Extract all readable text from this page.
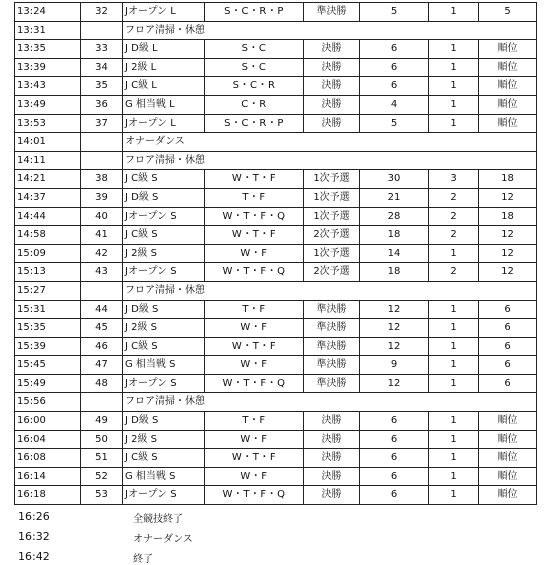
13:24	32	Jオープン L	S・C・R・P	準決勝	5	1	5
13:31		フロア清掃・休憩					
13:35	33	J D級 L	S・C	決勝	6	1	順位
13:39	34	J 2級 L	S・C	決勝	6	1	順位
13:43	35	J C級 L	S・C・R	決勝	6	1	順位
13:49	36	G 相当戦 L	C・R	決勝	4	1	順位
13:53	37	Jオープン L	S・C・R・P	決勝	5	1	順位
14:01		オナーダンス					
14:11		フロア清掃・休憩					
14:21	38	J C級 S	W・T・F	1次予選	30	3	18
14:37	39	J D級 S	T・F	1次予選	21	2	12
14:44	40	Jオープン S	W・T・F・Q	1次予選	28	2	18
14:58	41	J C級 S	W・T・F	2次予選	18	2	12
15:09	42	J 2級 S	W・F	1次予選	14	1	12
15:13	43	Jオープン S	W・T・F・Q	2次予選	18	2	12
15:27		フロア清掃・休憩					
15:31	44	J D級 S	T・F	準決勝	12	1	6
15:35	45	J 2級 S	W・F	準決勝	12	1	6
15:39	46	J C級 S	W・T・F	準決勝	12	1	6
15:45	47	G 相当戦 S	W・F	準決勝	9	1	6
15:49	48	Jオープン S	W・T・F・Q	準決勝	12	1	6
15:56		フロア清掃・休憩					
16:00	49	J D級 S	T・F	決勝	6	1	順位
16:04	50	J 2級 S	W・F	決勝	6	1	順位
16:08	51	J C級 S	W・T・F	決勝	6	1	順位
16:14	52	G 相当戦 S	W・F	決勝	6	1	順位
16:18	53	Jオープン S	W・T・F・Q	決勝	6	1	順位
16:26	全競技終了
16:32	オナーダンス
16:42	終了
